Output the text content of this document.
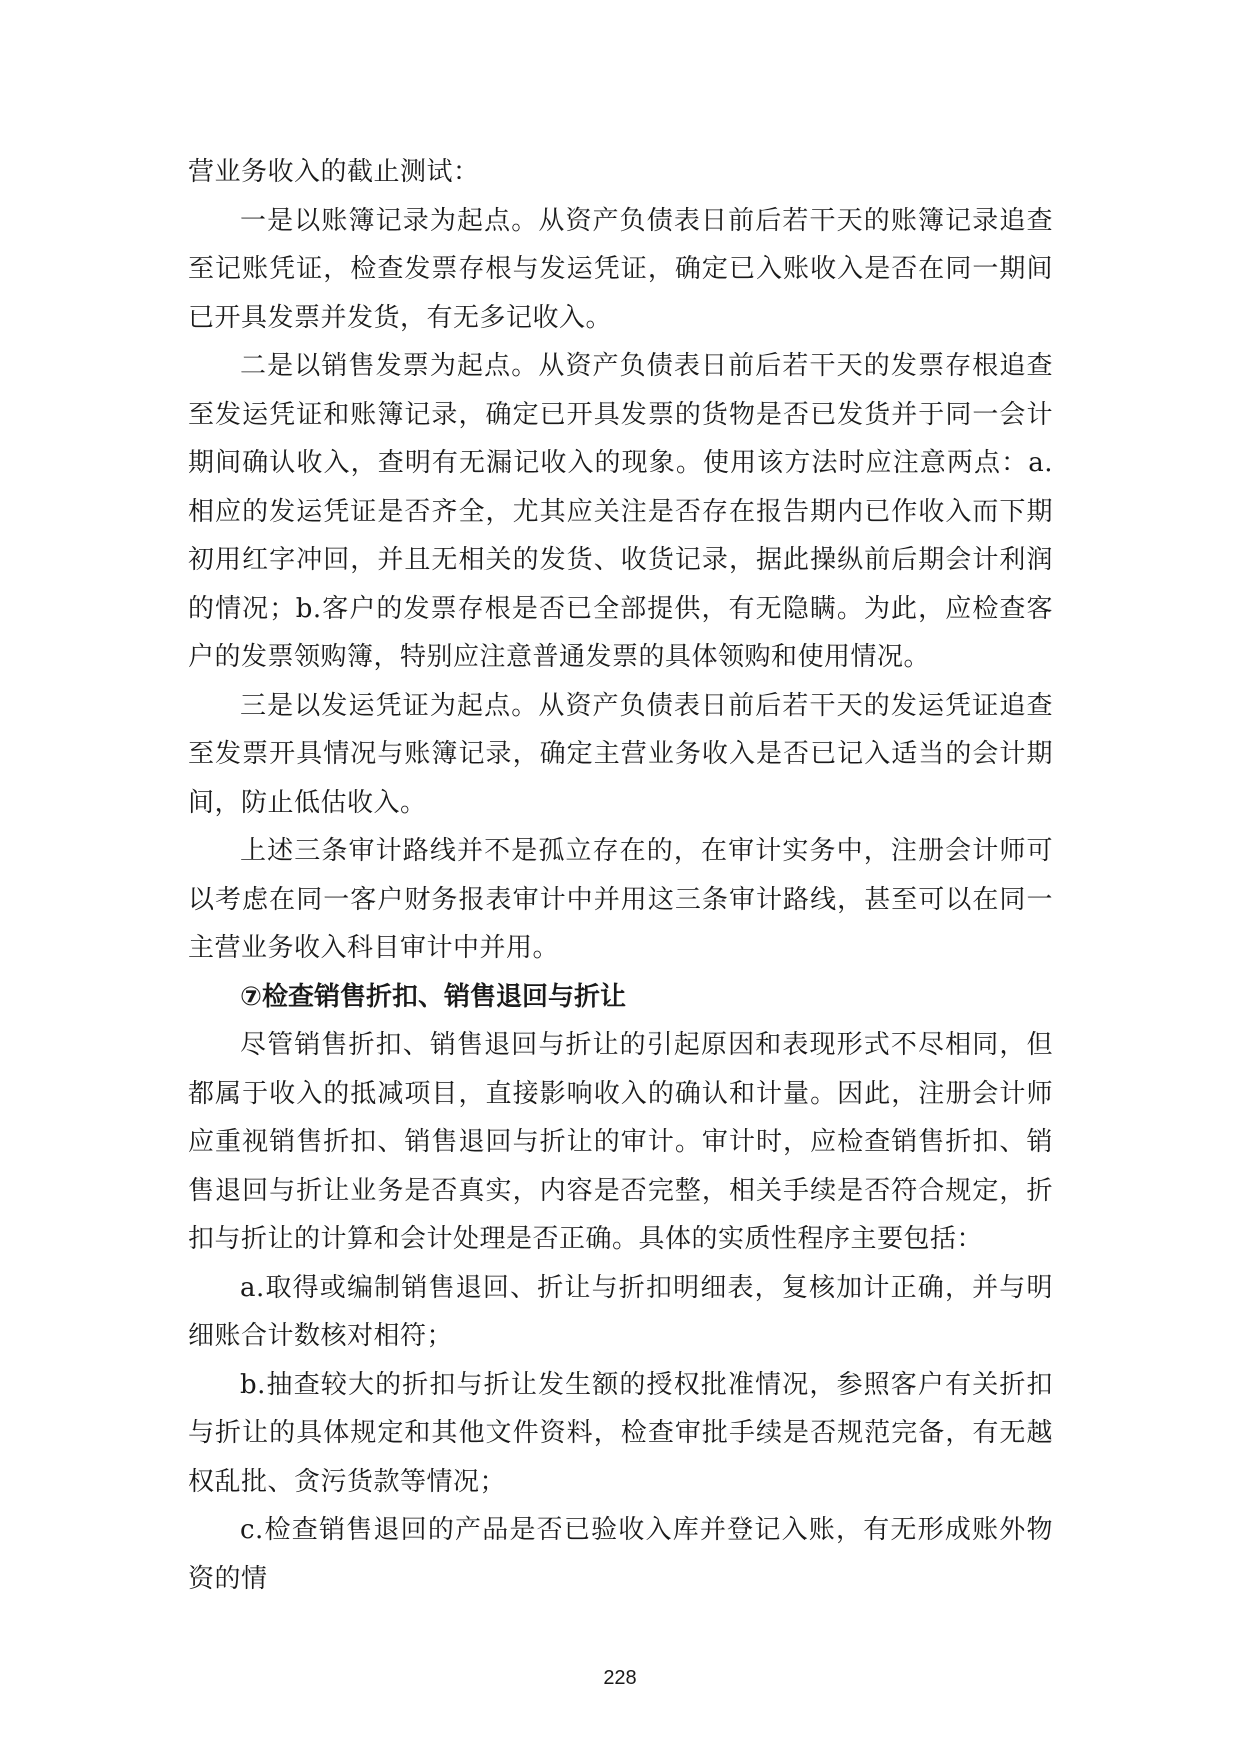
营业务收入的截止测试：

一是以账簿记录为起点。从资产负债表日前后若干天的账簿记录追查至记账凭证，检查发票存根与发运凭证，确定已入账收入是否在同一期间已开具发票并发货，有无多记收入。

二是以销售发票为起点。从资产负债表日前后若干天的发票存根追查至发运凭证和账簿记录，确定已开具发票的货物是否已发货并于同一会计期间确认收入，查明有无漏记收入的现象。使用该方法时应注意两点：a.相应的发运凭证是否齐全，尤其应关注是否存在报告期内已作收入而下期初用红字冲回，并且无相关的发货、收货记录，据此操纵前后期会计利润的情况；b.客户的发票存根是否已全部提供，有无隐瞒。为此，应检查客户的发票领购簿，特别应注意普通发票的具体领购和使用情况。

三是以发运凭证为起点。从资产负债表日前后若干天的发运凭证追查至发票开具情况与账簿记录，确定主营业务收入是否已记入适当的会计期间，防止低估收入。

上述三条审计路线并不是孤立存在的，在审计实务中，注册会计师可以考虑在同一客户财务报表审计中并用这三条审计路线，甚至可以在同一主营业务收入科目审计中并用。

⑦检查销售折扣、销售退回与折让

尽管销售折扣、销售退回与折让的引起原因和表现形式不尽相同，但都属于收入的抵减项目，直接影响收入的确认和计量。因此，注册会计师应重视销售折扣、销售退回与折让的审计。审计时，应检查销售折扣、销售退回与折让业务是否真实，内容是否完整，相关手续是否符合规定，折扣与折让的计算和会计处理是否正确。具体的实质性程序主要包括：

a.取得或编制销售退回、折让与折扣明细表，复核加计正确，并与明细账合计数核对相符；

b.抽查较大的折扣与折让发生额的授权批准情况，参照客户有关折扣与折让的具体规定和其他文件资料，检查审批手续是否规范完备，有无越权乱批、贪污货款等情况；

c.检查销售退回的产品是否已验收入库并登记入账，有无形成账外物资的情

228
